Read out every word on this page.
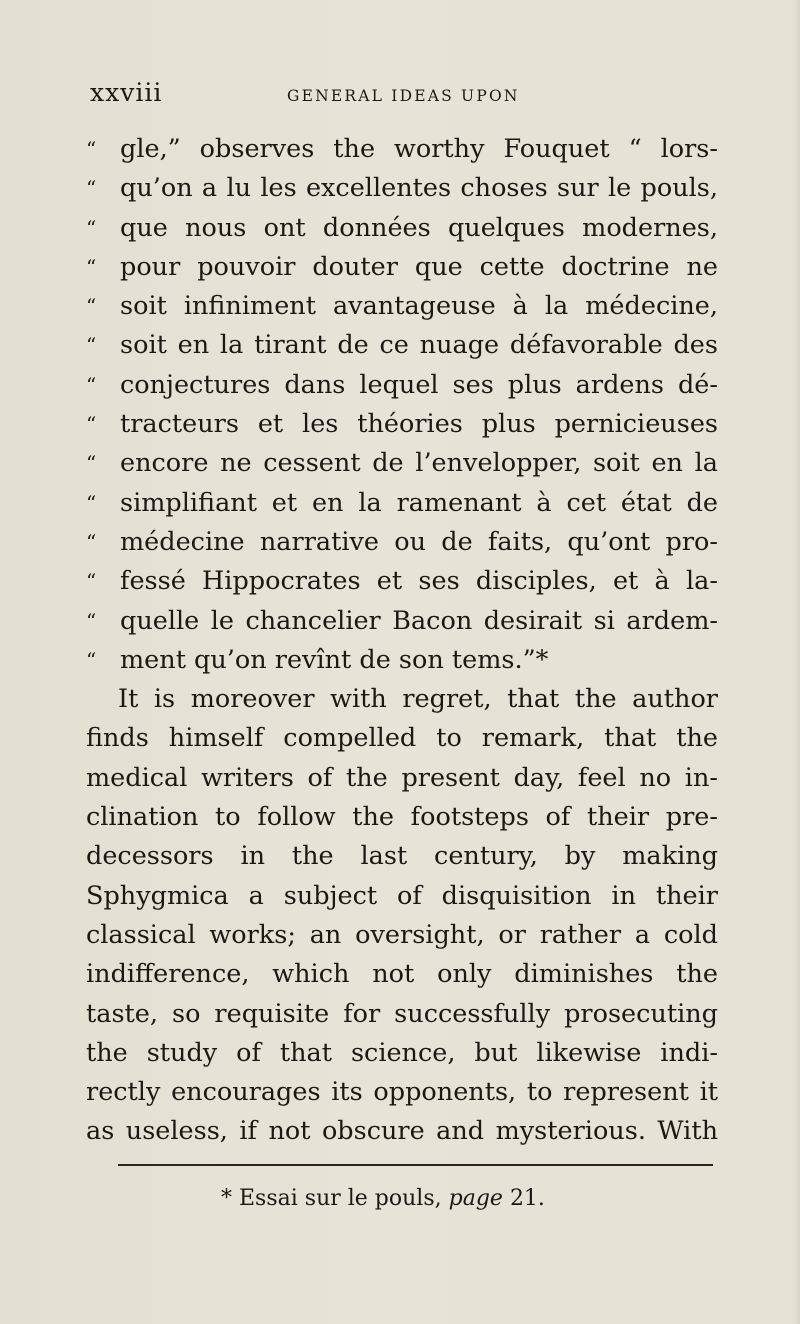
xxviii	GENERAL IDEAS UPON
“ gle,” observes the worthy Fouquet “ lors-
“ qu’on a lu les excellentes choses sur le pouls,
“ que nous ont données quelques modernes,
“ pour pouvoir douter que cette doctrine ne
“ soit infiniment avantageuse à la médecine,
“ soit en la tirant de ce nuage défavorable des
“ conjectures dans lequel ses plus ardens dé-
“ tracteurs et les théories plus pernicieuses
“ encore ne cessent de l’envelopper, soit en la
“ simplifiant et en la ramenant à cet état de
“ médecine narrative ou de faits, qu’ont pro-
“ fessé Hippocrates et ses disciples, et à la-
“ quelle le chancelier Bacon desirait si ardem-
“ ment qu’on revînt de son tems.”*
It is moreover with regret, that the author
finds himself compelled to remark, that the
medical writers of the present day, feel no in-
clination to follow the footsteps of their pre-
decessors in the last century, by making
Sphygmica a subject of disquisition in their
classical works; an oversight, or rather a cold
indifference, which not only diminishes the
taste, so requisite for successfully prosecuting
the study of that science, but likewise indi-
rectly encourages its opponents, to represent it
as useless, if not obscure and mysterious. With
* Essai sur le pouls, page 21.
